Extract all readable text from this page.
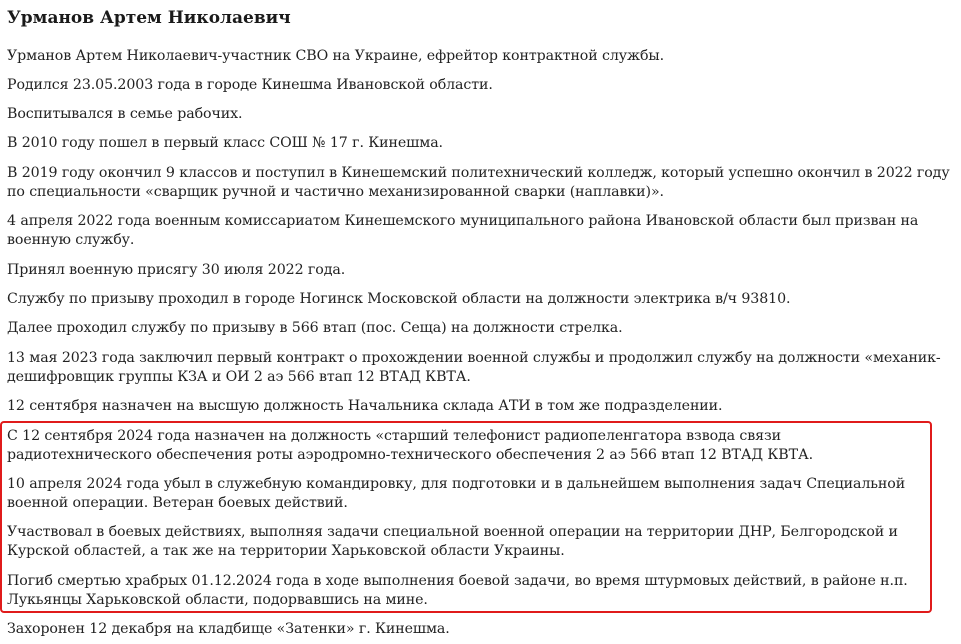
Урманов Артем Николаевич

Урманов Артем Николаевич-участник СВО на Украине, ефрейтор контрактной службы.

Родился 23.05.2003 года в городе Кинешма Ивановской области.

Воспитывался в семье рабочих.

В 2010 году пошел в первый класс СОШ № 17 г. Кинешма.

В 2019 году окончил 9 классов и поступил в Кинешемский политехнический колледж, который успешно окончил в 2022 году по специальности «сварщик ручной и частично механизированной сварки (наплавки)».

4 апреля 2022 года военным комиссариатом Кинешемского муниципального района Ивановской области был призван на военную службу.

Принял военную присягу 30 июля 2022 года.

Службу по призыву проходил в городе Ногинск Московской области на должности электрика в/ч 93810.

Далее проходил службу по призыву в 566 втап (пос. Сеща) на должности стрелка.

13 мая 2023 года заключил первый контракт о прохождении военной службы и продолжил службу на должности «механик-дешифровщик группы КЗА и ОИ 2 аэ 566 втап 12 ВТАД КВТА.

12 сентября назначен на высшую должность Начальника склада АТИ в том же подразделении.

С 12 сентября 2024 года назначен на должность «старший телефонист радиопеленгатора взвода связи радиотехнического обеспечения роты аэродромно-технического обеспечения 2 аэ 566 втап 12 ВТАД КВТА.

10 апреля 2024 года убыл в служебную командировку, для подготовки и в дальнейшем выполнения задач Специальной военной операции. Ветеран боевых действий.

Участвовал в боевых действиях, выполняя задачи специальной военной операции на территории ДНР, Белгородской и Курской областей, а так же на территории Харьковской области Украины.

Погиб смертью храбрых 01.12.2024 года в ходе выполнения боевой задачи, во время штурмовых действий, в районе н.п. Лукьянцы Харьковской области, подорвавшись на мине.

Захоронен 12 декабря на кладбище «Затенки» г. Кинешма.
